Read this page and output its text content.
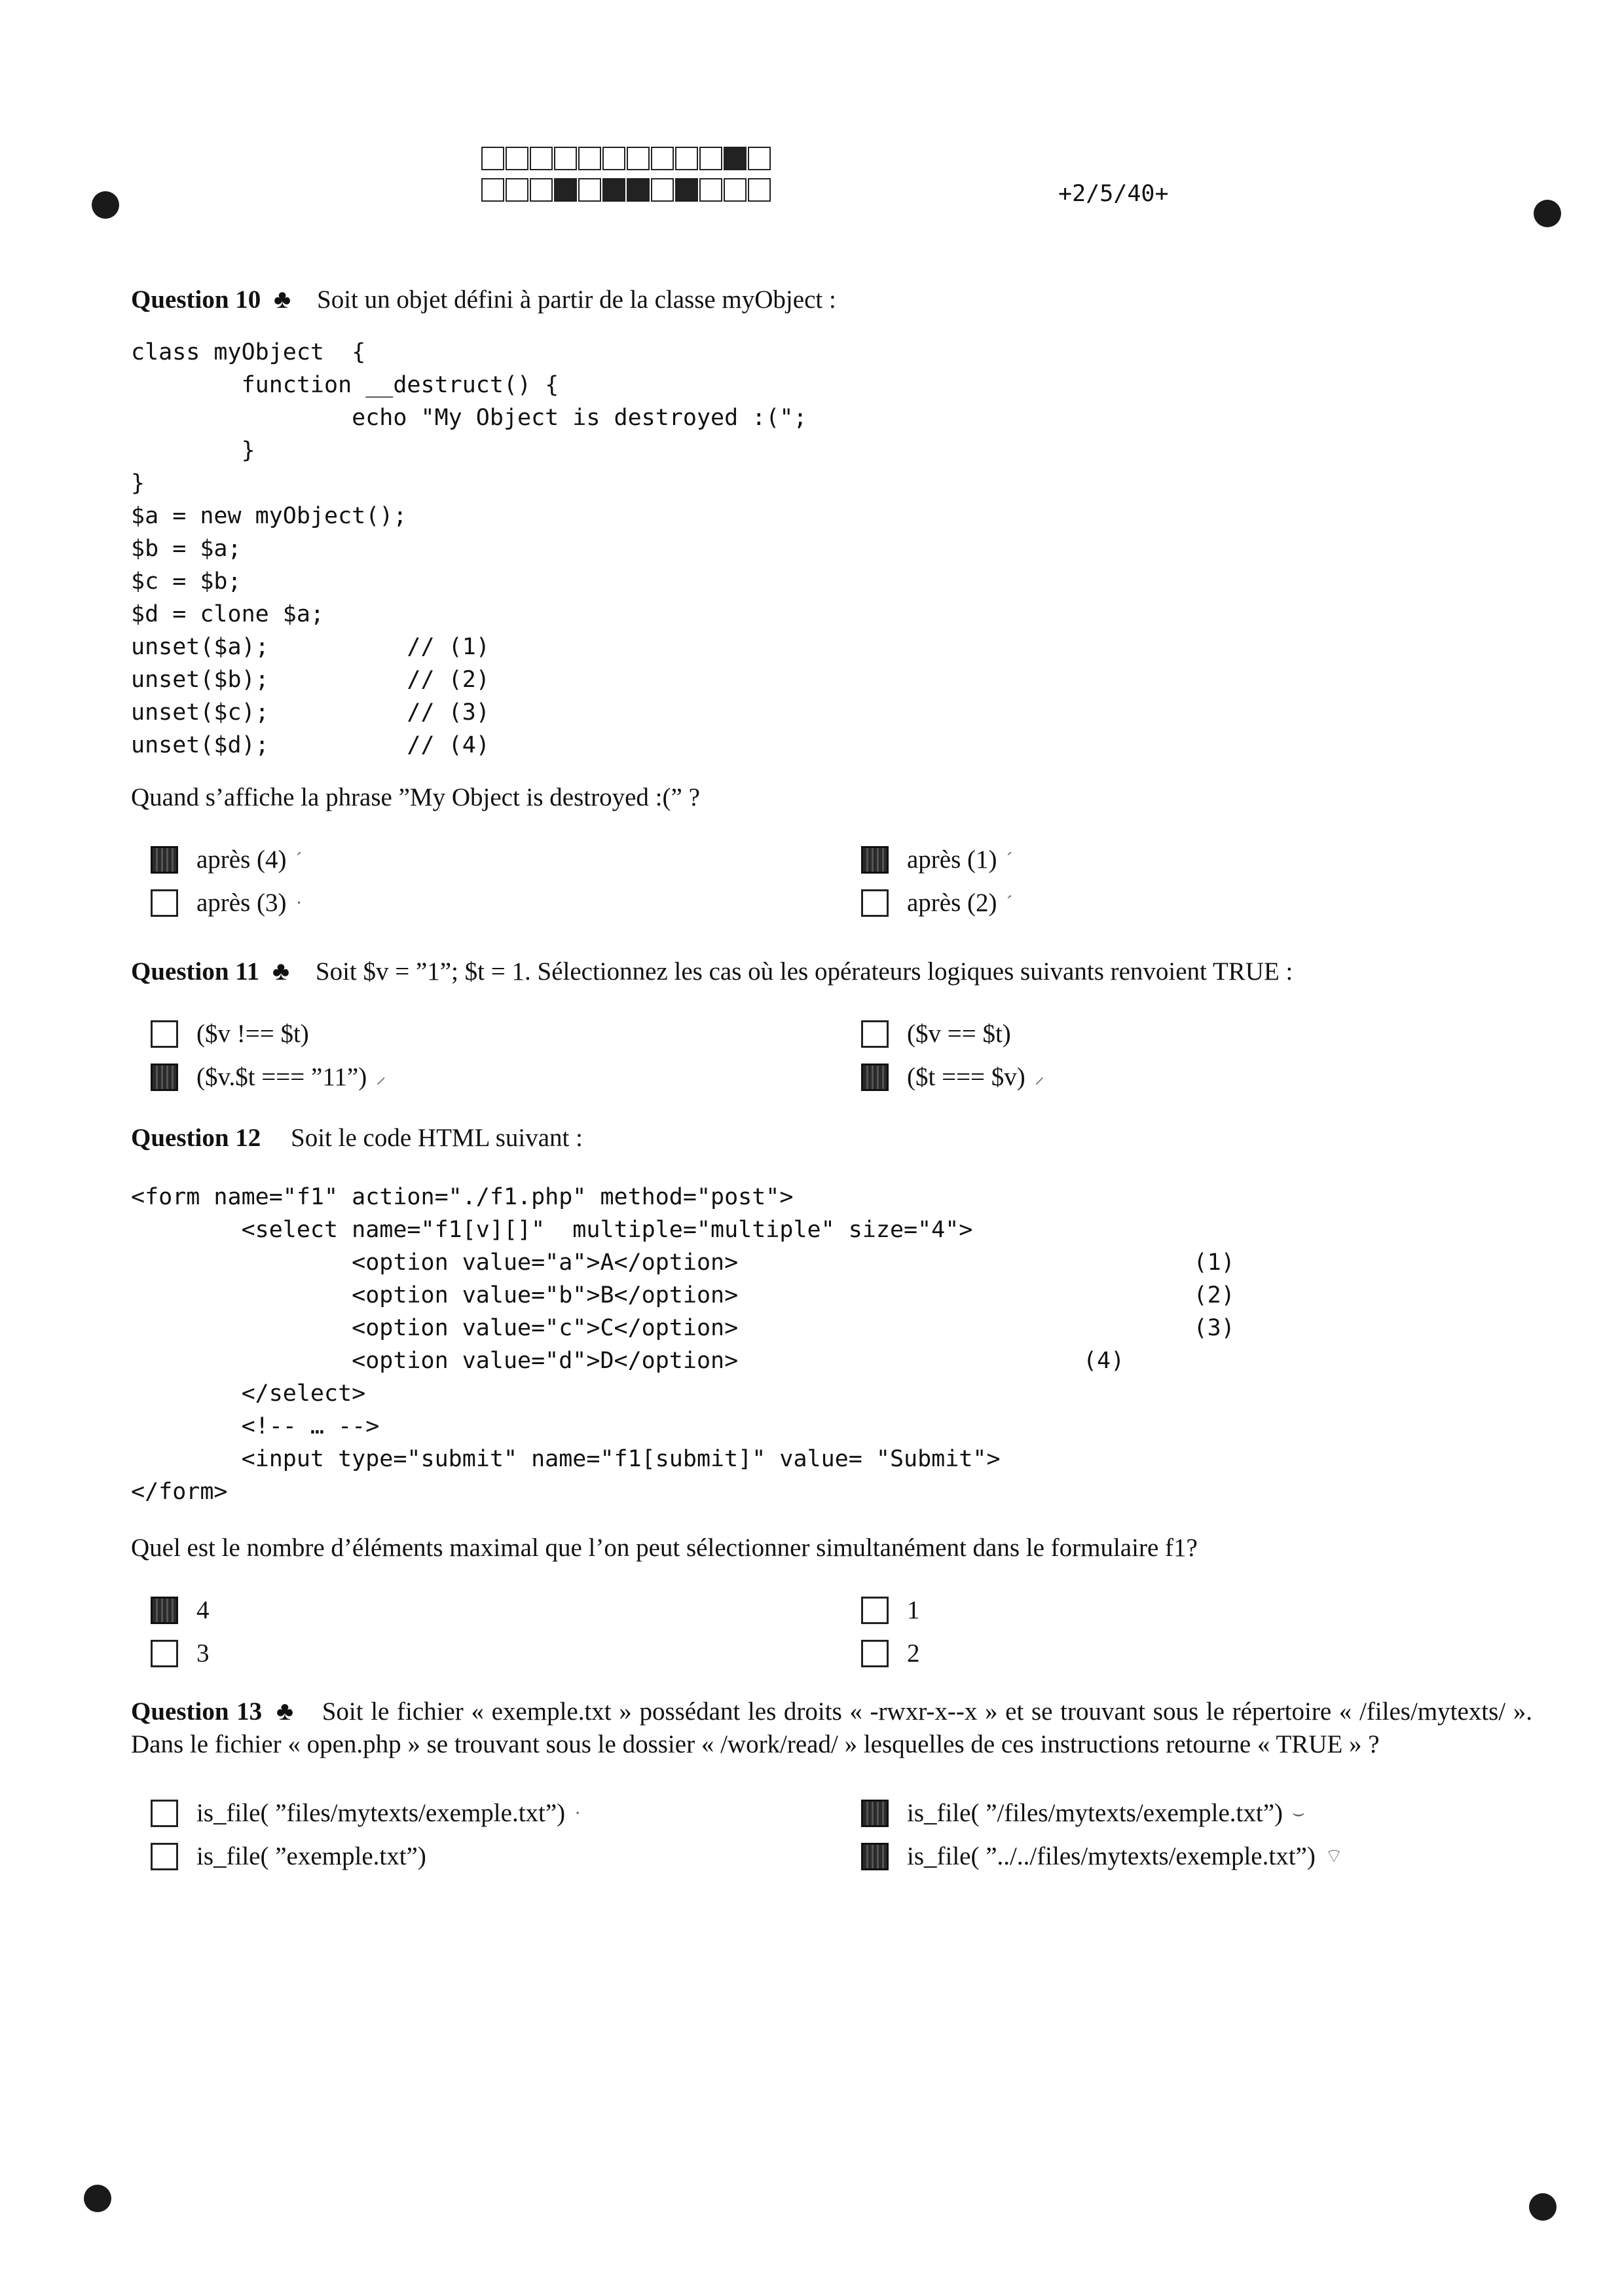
+2/5/40+
Question 10 ♣ Soit un objet défini à partir de la classe myObject :
class myObject  {
function __destruct() {
echo "My Object is destroyed :(";
}
}
$a = new myObject();
$b = $a;
$c = $b;
$d = clone $a;
unset($a);          // (1)
unset($b);          // (2)
unset($c);          // (3)
unset($d);          // (4)
Quand s’affiche la phrase ”My Object is destroyed :(” ?
après (4) ´	après (1) ´
après (3) ·	après (2) ´
Question 11 ♣ Soit $v = ”1”; $t = 1. Sélectionnez les cas où les opérateurs logiques suivants renvoient TRUE :
($v !== $t)	($v == $t)
($v.$t === ”11”) ⸝	($t === $v) ⸝
Question 12 Soit le code HTML suivant :
<form name="f1" action="./f1.php" method="post">
<select name="f1[v][]"  multiple="multiple" size="4">
<option value="a">A</option>                                 (1)
<option value="b">B</option>                                 (2)
<option value="c">C</option>                                 (3)
<option value="d">D</option>                         (4)
</select>
<!-- … -->
<input type="submit" name="f1[submit]" value= "Submit">
</form>
Quel est le nombre d’éléments maximal que l’on peut sélectionner simultanément dans le formulaire f1?
4	1
3	2
Question 13 ♣ Soit le fichier « exemple.txt » possédant les droits « -rwxr-x--x » et se trouvant sous le répertoire « /files/mytexts/ ». Dans le fichier « open.php » se trouvant sous le dossier « /work/read/ » lesquelles de ces instructions retourne « TRUE » ?
is_file( ”files/mytexts/exemple.txt”) ·	is_file( ”/files/mytexts/exemple.txt”) ⌣
is_file( ”exemple.txt”)	is_file( ”../../files/mytexts/exemple.txt”) ⌔
